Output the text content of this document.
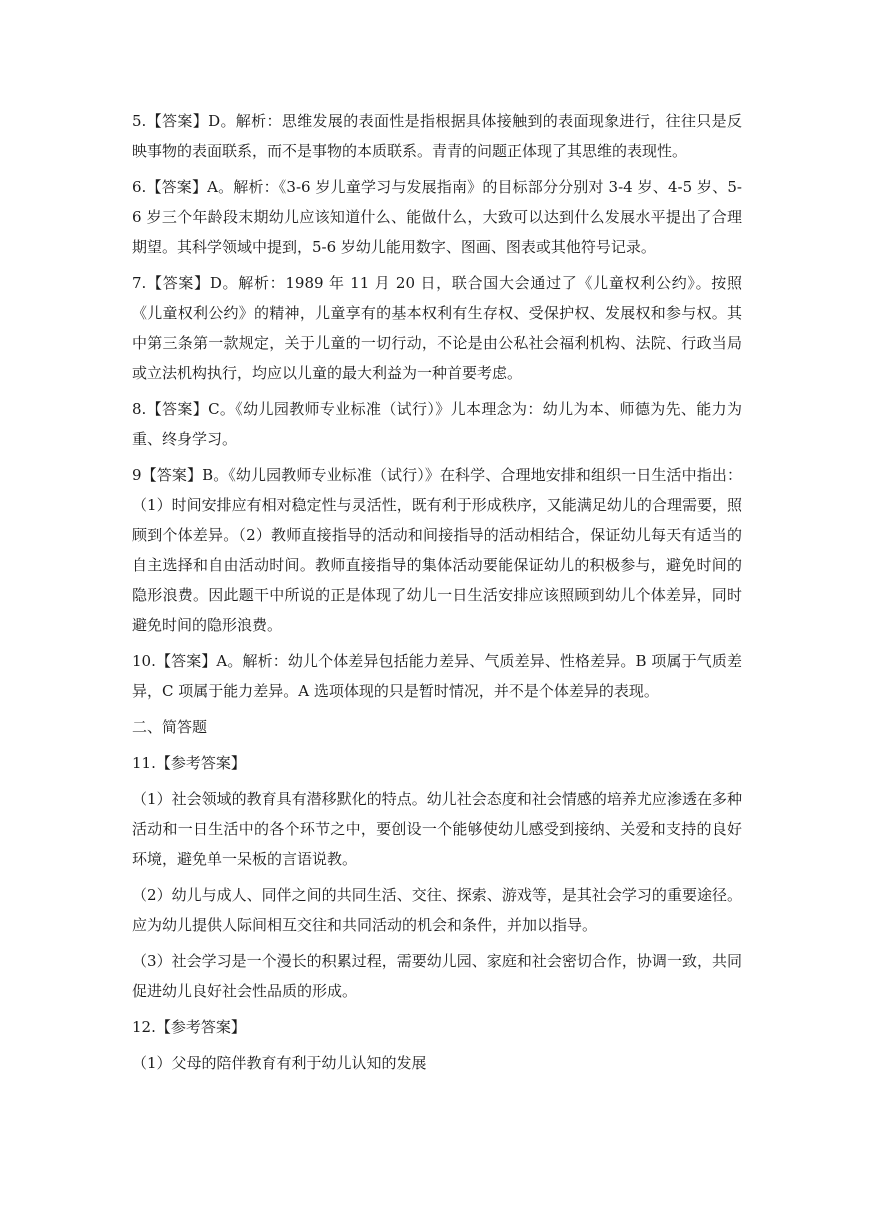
5.【答案】D。解析：思维发展的表面性是指根据具体接触到的表面现象进行，往往只是反映事物的表面联系，而不是事物的本质联系。青青的问题正体现了其思维的表现性。

6.【答案】A。解析：《3-6 岁儿童学习与发展指南》的目标部分分别对 3-4 岁、4-5 岁、5-6 岁三个年龄段末期幼儿应该知道什么、能做什么，大致可以达到什么发展水平提出了合理期望。其科学领域中提到，5-6 岁幼儿能用数字、图画、图表或其他符号记录。

7.【答案】D。解析：1989 年 11 月 20 日，联合国大会通过了《儿童权利公约》。按照《儿童权利公约》的精神，儿童享有的基本权利有生存权、受保护权、发展权和参与权。其中第三条第一款规定，关于儿童的一切行动，不论是由公私社会福利机构、法院、行政当局或立法机构执行，均应以儿童的最大利益为一种首要考虑。

8.【答案】C。《幼儿园教师专业标准（试行）》儿本理念为：幼儿为本、师德为先、能力为重、终身学习。

9【答案】B。《幼儿园教师专业标准（试行）》在科学、合理地安排和组织一日生活中指出：（1）时间安排应有相对稳定性与灵活性，既有利于形成秩序，又能满足幼儿的合理需要，照顾到个体差异。（2）教师直接指导的活动和间接指导的活动相结合，保证幼儿每天有适当的自主选择和自由活动时间。教师直接指导的集体活动要能保证幼儿的积极参与，避免时间的隐形浪费。因此题干中所说的正是体现了幼儿一日生活安排应该照顾到幼儿个体差异，同时避免时间的隐形浪费。

10.【答案】A。解析：幼儿个体差异包括能力差异、气质差异、性格差异。B 项属于气质差异，C 项属于能力差异。A 选项体现的只是暂时情况，并不是个体差异的表现。

二、简答题

11.【参考答案】

（1）社会领域的教育具有潜移默化的特点。幼儿社会态度和社会情感的培养尤应渗透在多种活动和一日生活中的各个环节之中，要创设一个能够使幼儿感受到接纳、关爱和支持的良好环境，避免单一呆板的言语说教。

（2）幼儿与成人、同伴之间的共同生活、交往、探索、游戏等，是其社会学习的重要途径。应为幼儿提供人际间相互交往和共同活动的机会和条件，并加以指导。

（3）社会学习是一个漫长的积累过程，需要幼儿园、家庭和社会密切合作，协调一致，共同促进幼儿良好社会性品质的形成。

12.【参考答案】

（1）父母的陪伴教育有利于幼儿认知的发展
